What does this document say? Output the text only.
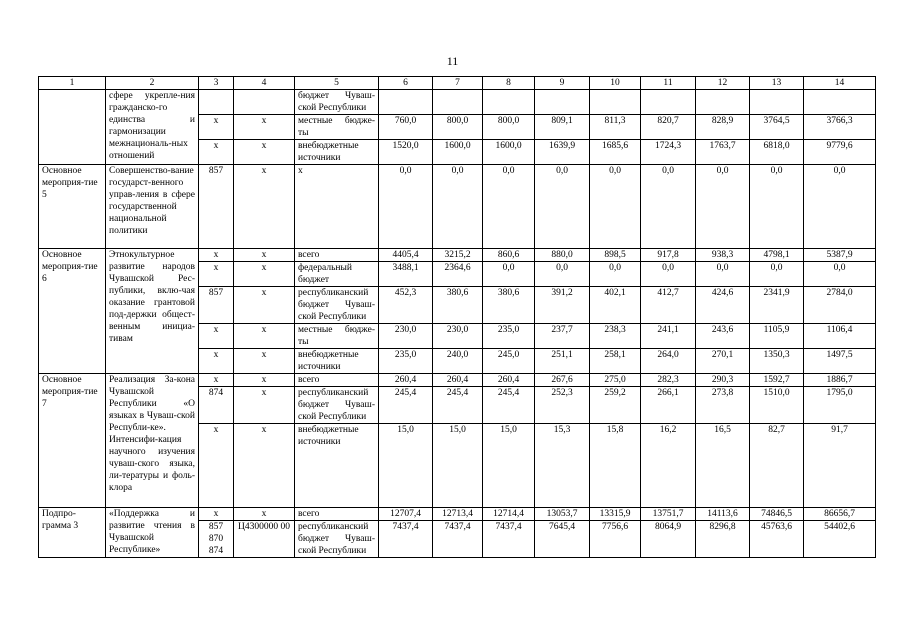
11
1	2	3	4	5	6	7	8	9	10	11	12	13	14
	сфере укрепле-ния гражданско-го единства и гармонизации межнациональ-ных отношений			бюджет Чуваш-ской Республики									
		x	x	местные бюдже-ты	760,0	800,0	800,0	809,1	811,3	820,7	828,9	3764,5	3766,3
		x	x	внебюджетные источники	1520,0	1600,0	1600,0	1639,9	1685,6	1724,3	1763,7	6818,0	9779,6
Основное мероприя-тие 5	Совершенство-вание государст-венного управ-ления в сфере государственной национальной политики	857	x	x	0,0	0,0	0,0	0,0	0,0	0,0	0,0	0,0	0,0
Основное мероприя-тие 6	Этнокультурное развитие народов Чувашской Рес-публики, вклю-чая оказание грантовой под-держки общест-венным инициа-тивам	x	x	всего	4405,4	3215,2	860,6	880,0	898,5	917,8	938,3	4798,1	5387,9
		x	x	федеральный бюджет	3488,1	2364,6	0,0	0,0	0,0	0,0	0,0	0,0	0,0
		857	x	республиканский бюджет Чуваш-ской Республики	452,3	380,6	380,6	391,2	402,1	412,7	424,6	2341,9	2784,0
		x	x	местные бюдже-ты	230,0	230,0	235,0	237,7	238,3	241,1	243,6	1105,9	1106,4
		x	x	внебюджетные источники	235,0	240,0	245,0	251,1	258,1	264,0	270,1	1350,3	1497,5
Основное мероприя-тие 7	Реализация За-кона Чувашской Республики «О языках в Чуваш-ской Республи-ке». Интенсифи-кация научного изучения чуваш-ского языка, ли-тературы и фоль-клора	x	x	всего	260,4	260,4	260,4	267,6	275,0	282,3	290,3	1592,7	1886,7
		874	x	республиканский бюджет Чуваш-ской Республики	245,4	245,4	245,4	252,3	259,2	266,1	273,8	1510,0	1795,0
		x	x	внебюджетные источники	15,0	15,0	15,0	15,3	15,8	16,2	16,5	82,7	91,7
Подпро-грамма 3	«Поддержка и развитие чтения в Чувашской Республике»	x	x	всего	12707,4	12713,4	12714,4	13053,7	13315,9	13751,7	14113,6	74846,5	86656,7
		857 870 874	Ц4300000 00	республиканский бюджет Чуваш-ской Республики	7437,4	7437,4	7437,4	7645,4	7756,6	8064,9	8296,8	45763,6	54402,6
